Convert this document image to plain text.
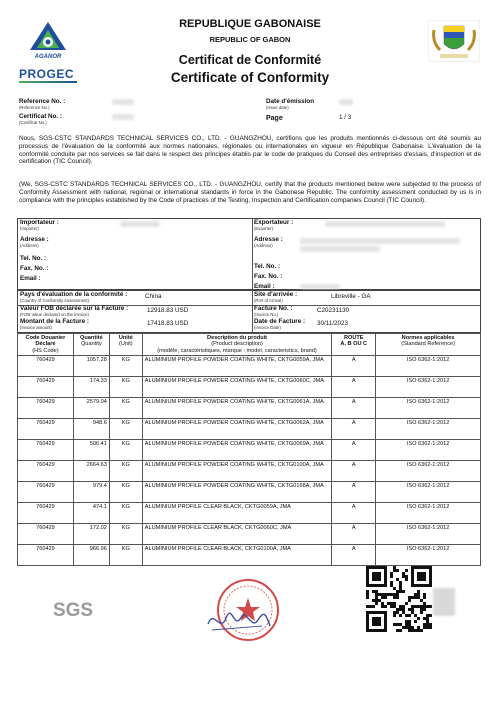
AGANOR
PROGEC
REPUBLIQUE GABONAISE
REPUBLIC OF GABON
Certificat de Conformité
Certificate of Conformity
Reference No. :
(Reference No.)
Certificat No. :
(Certificat No.)
Date d'émission
(Issue date)
Page	1 / 3
Nous, SGS-CSTC STANDARDS TECHNICAL SERVICES CO., LTD. - GUANGZHOU, certifions que les produits mentionnés ci-dessous ont été soumis au processus de l'évaluation de la conformité aux normes nationales, régionales ou internationales en vigueur en République Gabonaise. L'évaluation de la conformité conduite par nos services se fait dans le respect des principes établis par le code de pratiques du Conseil des entreprises d'essais, d'inspection et de certification (TIC Council).
(We, SGS-CSTC STANDARDS TECHNICAL SERVICES CO., LTD. - GUANGZHOU, certify that the products mentioned below were subjected to the process of Conformity Assessment with national, regional or international standards in force in the Gabonese Republic. The conformity assessment conducted by us is in compliance with the principles established by the Code of practices of the Testing, Inspection and Certification companies Council (TIC Council).
Importateur :
(Importer)
Adresse :
(Address)
Tel. No. :
Fax. No. :
Email :
Exportateur :
(Exporter)
Adresse :
(Address)
Tel. No. :
Fax. No. :
Email :
Pays d'évaluation de la conformité :
(Country of Conformity Assessment)
China
Valeur FOB déclarée sur la Facture :
(FOB Value declared on the invoice)
12918.83 USD
Montant de la Facture :
(Invoice amount)
17418.83 USD
Site d'arrivée :
(Port of Arrival)
Libreville - GA
Facture No. :
(Invoice No.)
C20231130
Date de Facture :
(Invoice Date)
30/11/2023
Code Douanier Déclaré
(HS Code)	Quantité
Quantity	Unité
(Unit)	Description du produit
(Product description)
(modèle, caractéristiques, marque : model, caracteristics, brand)	ROUTE
A, B OU C	Normes applicables
(Standard Reference)
760429	1057.28	KG	ALUMINIUM PROFILE POWDER COATING WHITE, CKTG0059A, JMA	A	ISO 6362-1:2012
760429	174.33	KG	ALUMINIUM PROFILE POWDER COATING WHITE, CKTG0060C, JMA	A	ISO 6362-1:2012
760429	2579.04	KG	ALUMINIUM PROFILE POWDER COATING WHITE, CKTG0061A, JMA	A	ISO 6362-1:2012
760429	948.6	KG	ALUMINIUM PROFILE POWDER COATING WHITE, CKTG0062A, JMA	A	ISO 6362-1:2012
760429	506.41	KG	ALUMINIUM PROFILE POWDER COATING WHITE, CKTG0069A, JMA	A	ISO 6362-1:2012
760429	2664.63	KG	ALUMINIUM PROFILE POWDER COATING WHITE, CKTG0100A, JMA	A	ISO 6362-1:2012
760429	979.4	KG	ALUMINIUM PROFILE POWDER COATING WHITE, CKTG0168A, JMA	A	ISO 6362-1:2012
760429	474.1	KG	ALUMINIUM PROFILE CLEAR BLACK, CKTG0059A, JMA	A	ISO 6362-1:2012
760429	172.02	KG	ALUMINIUM PROFILE CLEAR BLACK, CKTG0060C, JMA	A	ISO 6362-1:2012
760429	966.96	KG	ALUMINIUM PROFILE CLEAR BLACK, CKTG0100A, JMA	A	ISO 6362-1:2012
SGS
